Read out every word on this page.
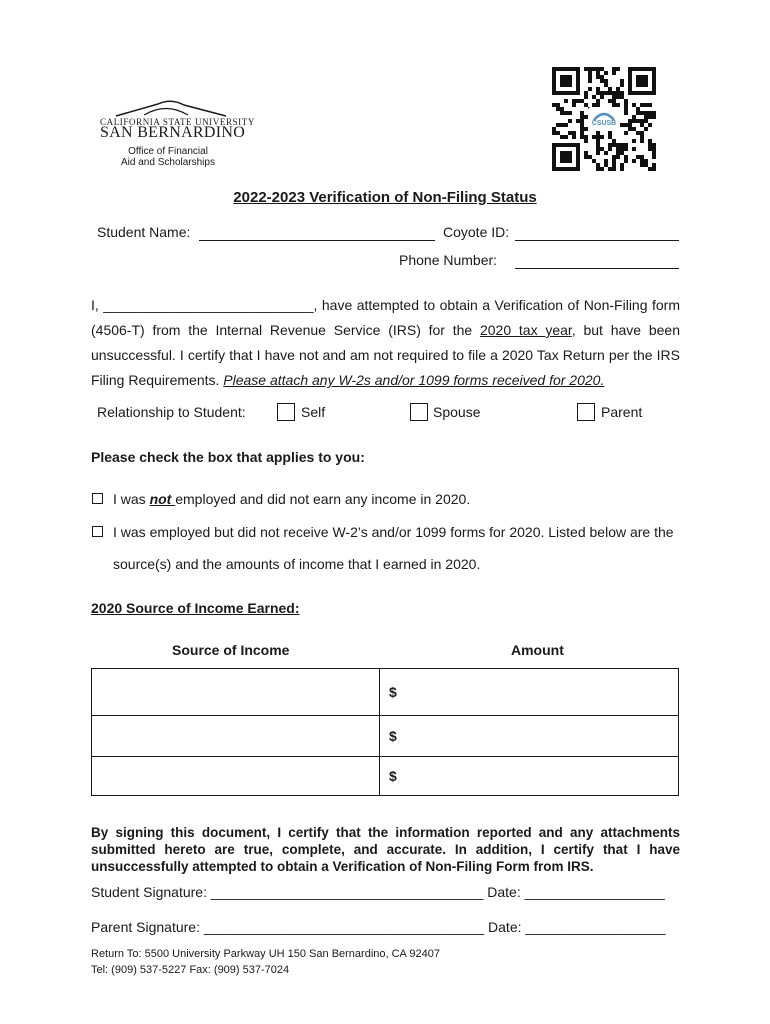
CALIFORNIA STATE UNIVERSITY
SAN BERNARDINO
Office of Financial
Aid and Scholarships
CSUSB
2022-2023 Verification of Non-Filing Status
Student Name:	Coyote ID:
Phone Number:
I, ___________________________, have attempted to obtain a Verification of Non-Filing form (4506-T) from the Internal Revenue Service (IRS) for the 2020 tax year, but have been unsuccessful. I certify that I have not and am not required to file a 2020 Tax Return per the IRS Filing Requirements. Please attach any W-2s and/or 1099 forms received for 2020.
Relationship to Student:	Self	Spouse	Parent
Please check the box that applies to you:
I was not employed and did not earn any income in 2020.
I was employed but did not receive W-2’s and/or 1099 forms for 2020. Listed below are the
source(s) and the amounts of income that I earned in 2020.
2020 Source of Income Earned:
Source of Income	Amount
	$
	$
	$
By signing this document, I certify that the information reported and any attachments submitted hereto are true, complete, and accurate. In addition, I certify that I have unsuccessfully attempted to obtain a Verification of Non-Filing Form from IRS.
Student Signature: ___________________________________ Date: __________________
Parent Signature: ____________________________________ Date: __________________
Return To: 5500 University Parkway UH 150 San Bernardino, CA 92407
Tel: (909) 537-5227 Fax: (909) 537-7024
